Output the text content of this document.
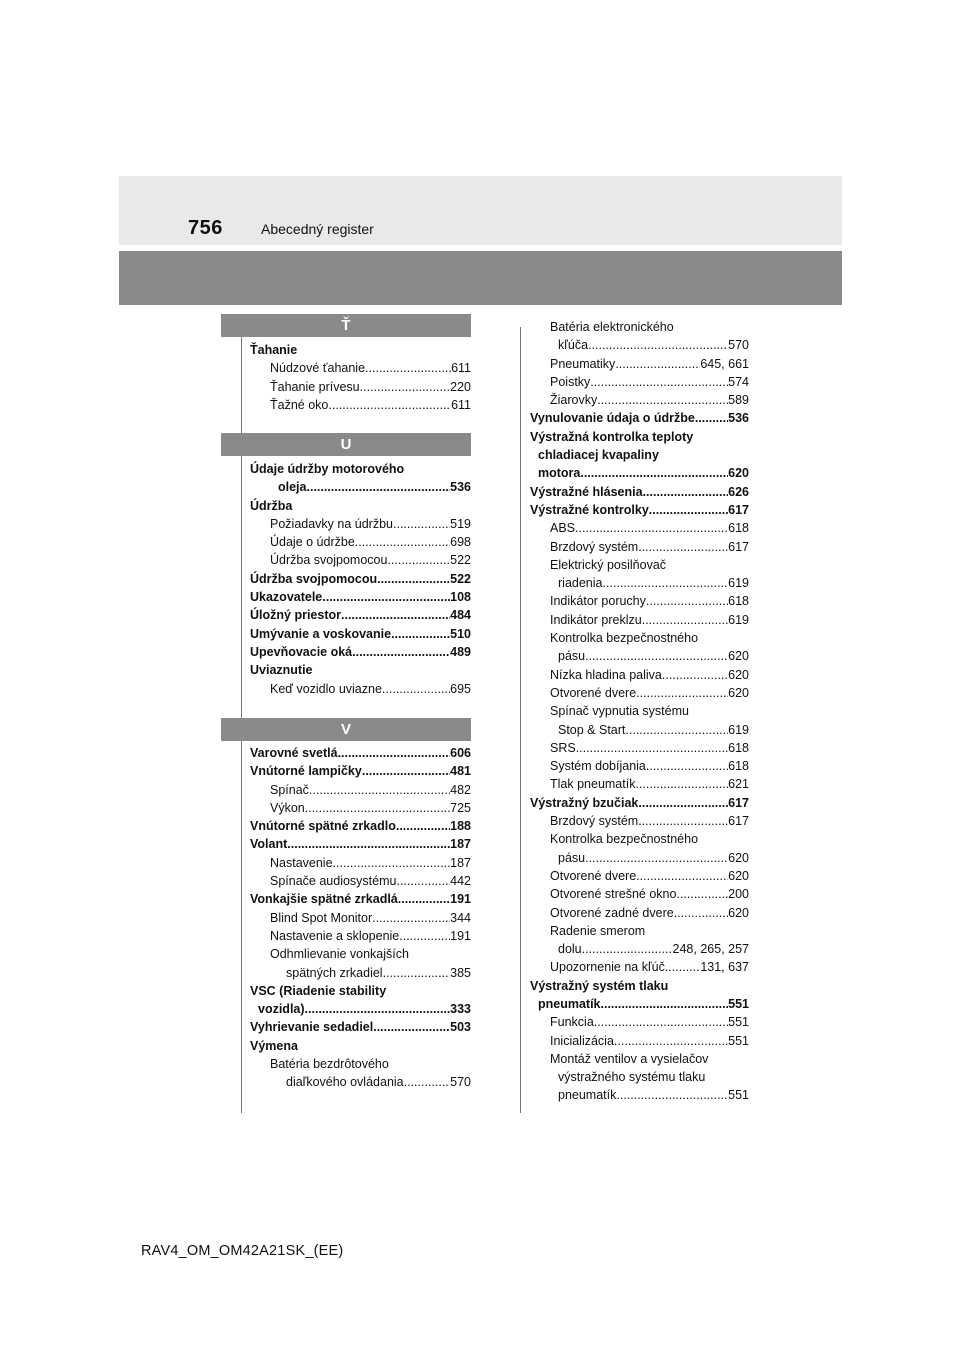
756	Abecedný register
Ť
Ťahanie
Núdzové ťahanie .....	611
Ťahanie prívesu .....	220
Ťažné oko .....	611
U
Údaje údržby motorového
oleja .....	536
Údržba
Požiadavky na údržbu .....	519
Údaje o údržbe .....	698
Údržba svojpomocou .....	522
Údržba svojpomocou .....	522
Ukazovatele .....	108
Úložný priestor .....	484
Umývanie a voskovanie .....	510
Upevňovacie oká .....	489
Uviaznutie
Keď vozidlo uviazne .....	695
V
Varovné svetlá .....	606
Vnútorné lampičky .....	481
Spínač .....	482
Výkon .....	725
Vnútorné spätné zrkadlo .....	188
Volant .....	187
Nastavenie .....	187
Spínače audiosystému .....	442
Vonkajšie spätné zrkadlá .....	191
Blind Spot Monitor .....	344
Nastavenie a sklopenie .....	191
Odhmlievanie vonkajších
spätných zrkadiel .....	385
VSC (Riadenie stability
vozidla) .....	333
Vyhrievanie sedadiel .....	503
Výmena
Batéria bezdrôtového
diaľkového ovládania .....	570
Batéria elektronického
kľúča .....	570
Pneumatiky .....	645, 661
Poistky .....	574
Žiarovky .....	589
Vynulovanie údaja o údržbe .....	536
Výstražná kontrolka teploty
chladiacej kvapaliny
motora .....	620
Výstražné hlásenia .....	626
Výstražné kontrolky .....	617
ABS .....	618
Brzdový systém .....	617
Elektrický posilňovač
riadenia .....	619
Indikátor poruchy .....	618
Indikátor preklzu .....	619
Kontrolka bezpečnostného
pásu .....	620
Nízka hladina paliva .....	620
Otvorené dvere .....	620
Spínač vypnutia systému
Stop & Start .....	619
SRS .....	618
Systém dobíjania .....	618
Tlak pneumatík .....	621
Výstražný bzučiak .....	617
Brzdový systém .....	617
Kontrolka bezpečnostného
pásu .....	620
Otvorené dvere .....	620
Otvorené strešné okno .....	200
Otvorené zadné dvere .....	620
Radenie smerom
dolu .....	248, 265, 257
Upozornenie na kľúč .....	131, 637
Výstražný systém tlaku
pneumatík .....	551
Funkcia .....	551
Inicializácia .....	551
Montáž ventilov a vysielačov
výstražného systému tlaku
pneumatík .....	551
RAV4_OM_OM42A21SK_(EE)
